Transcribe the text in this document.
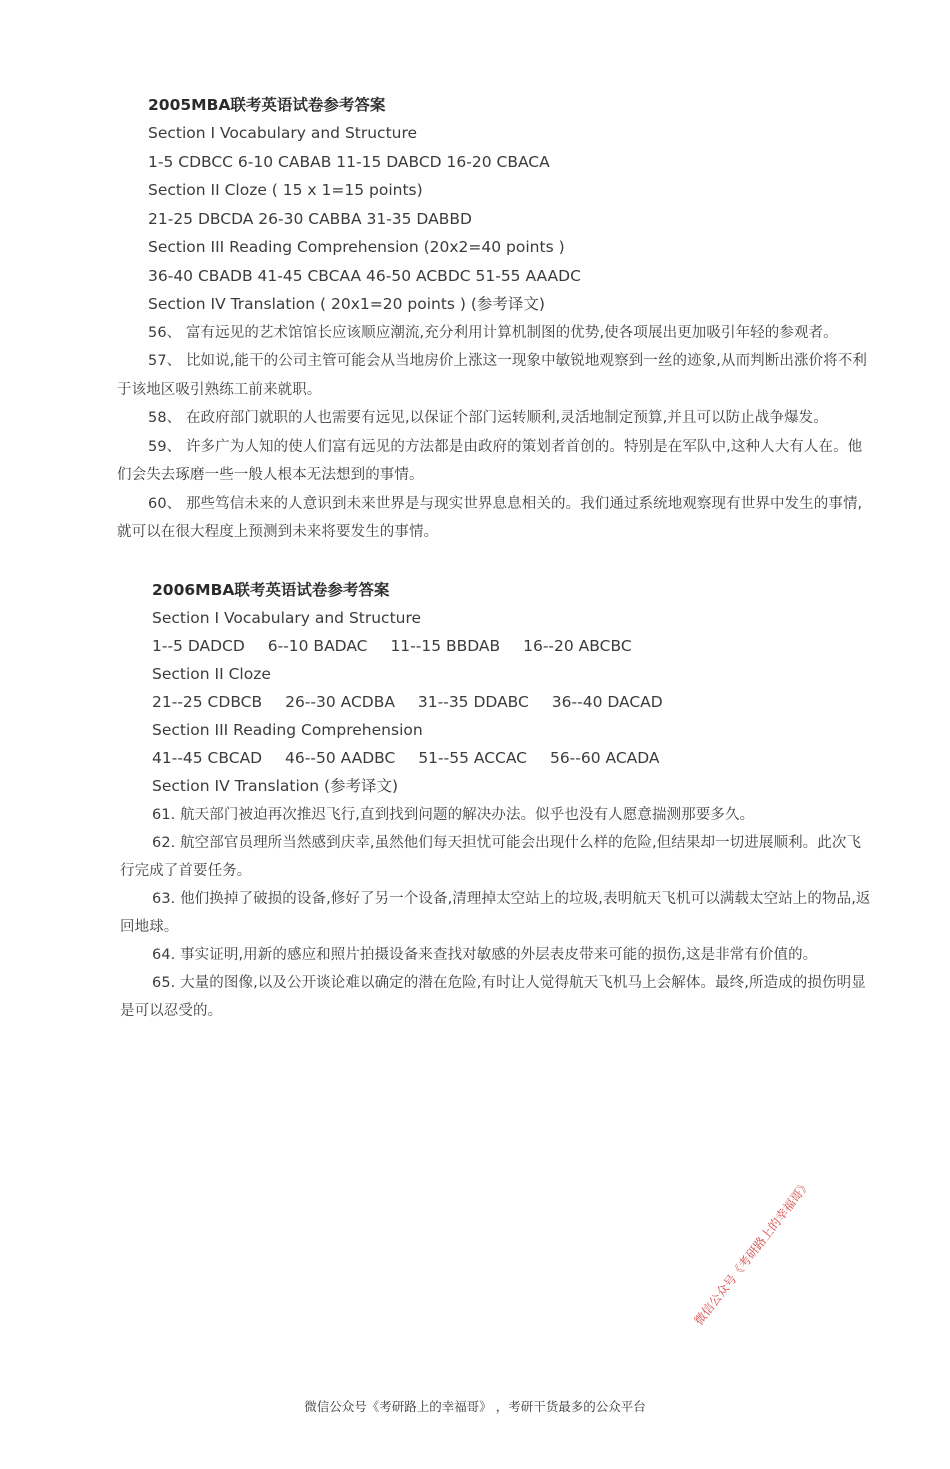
2005MBA联考英语试卷参考答案
Section I Vocabulary and Structure
1-5 CDBCC 6-10 CABAB 11-15 DABCD 16-20 CBACA
Section II Cloze ( 15 x 1=15 points)
21-25 DBCDA 26-30 CABBA 31-35 DABBD
Section III Reading Comprehension (20x2=40 points )
36-40 CBADB 41-45 CBCAA 46-50 ACBDC 51-55 AAADC
Section IV Translation ( 20x1=20 points ) (参考译文)
56、 富有远见的艺术馆馆长应该顺应潮流,充分利用计算机制图的优势,使各项展出更加吸引年轻的参观者。
57、 比如说,能干的公司主管可能会从当地房价上涨这一现象中敏锐地观察到一丝的迹象,从而判断出涨价将不利
于该地区吸引熟练工前来就职。
58、 在政府部门就职的人也需要有远见,以保证个部门运转顺利,灵活地制定预算,并且可以防止战争爆发。
59、 许多广为人知的使人们富有远见的方法都是由政府的策划者首创的。特别是在军队中,这种人大有人在。他
们会失去琢磨一些一般人根本无法想到的事情。
60、 那些笃信未来的人意识到未来世界是与现实世界息息相关的。我们通过系统地观察现有世界中发生的事情,
就可以在很大程度上预测到未来将要发生的事情。
2006MBA联考英语试卷参考答案
Section I Vocabulary and Structure
1--5 DADCD 6--10 BADAC 11--15 BBDAB 16--20 ABCBC
Section II Cloze
21--25 CDBCB 26--30 ACDBA 31--35 DDABC 36--40 DACAD
Section III Reading Comprehension
41--45 CBCAD 46--50 AADBC 51--55 ACCAC 56--60 ACADA
Section IV Translation (参考译文)
61. 航天部门被迫再次推迟飞行,直到找到问题的解决办法。似乎也没有人愿意揣测那要多久。
62. 航空部官员理所当然感到庆幸,虽然他们每天担忧可能会出现什么样的危险,但结果却一切进展顺利。此次飞
行完成了首要任务。
63. 他们换掉了破损的设备,修好了另一个设备,清理掉太空站上的垃圾,表明航天飞机可以满载太空站上的物品,返
回地球。
64. 事实证明,用新的感应和照片拍摄设备来查找对敏感的外层表皮带来可能的损伤,这是非常有价值的。
65. 大量的图像,以及公开谈论难以确定的潜在危险,有时让人觉得航天飞机马上会解体。最终,所造成的损伤明显
是可以忍受的。
微信公众号《考研路上的幸福哥》
微信公众号《考研路上的幸福哥》 ，考研干货最多的公众平台
